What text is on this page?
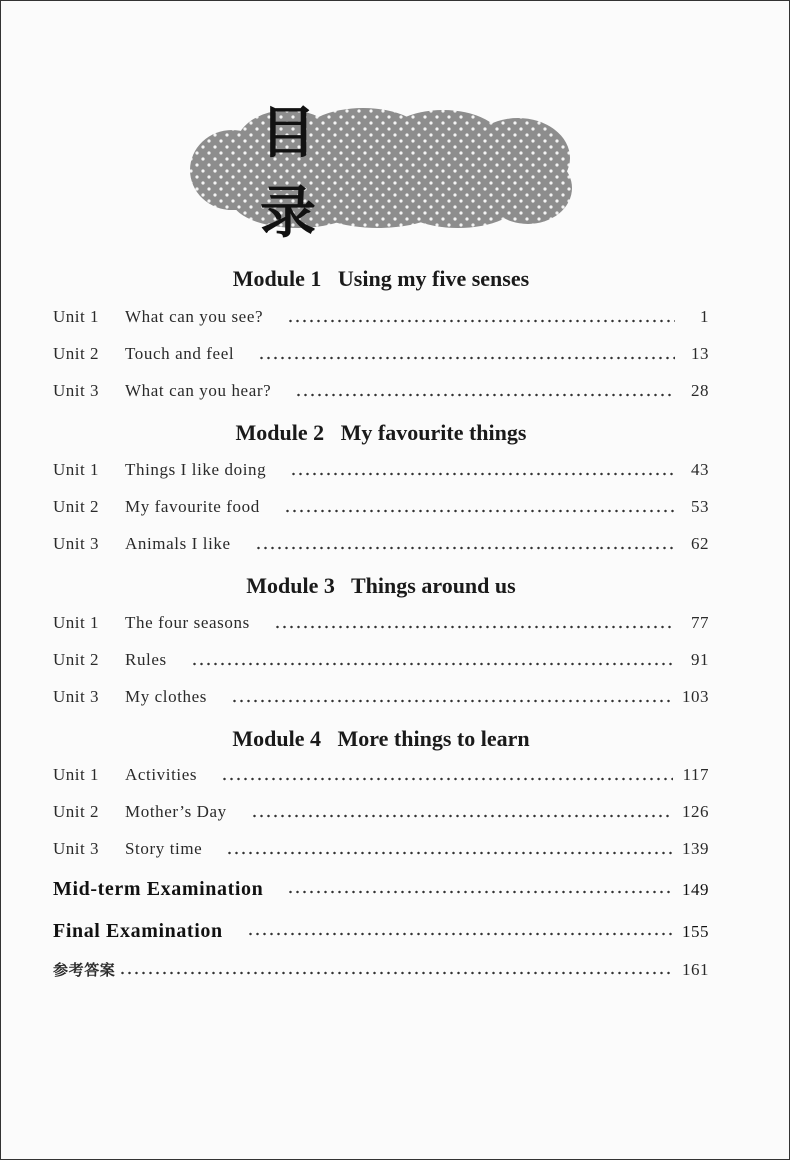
目 录
Module 1   Using my five senses
Unit 1	What can you see?	1
Unit 2	Touch and feel	13
Unit 3	What can you hear?	28
Module 2   My favourite things
Unit 1	Things I like doing	43
Unit 2	My favourite food	53
Unit 3	Animals I like	62
Module 3   Things around us
Unit 1	The four seasons	77
Unit 2	Rules	91
Unit 3	My clothes	103
Module 4   More things to learn
Unit 1	Activities	117
Unit 2	Mother’s Day	126
Unit 3	Story time	139
Mid-term Examination	149
Final Examination	155
参考答案	161
